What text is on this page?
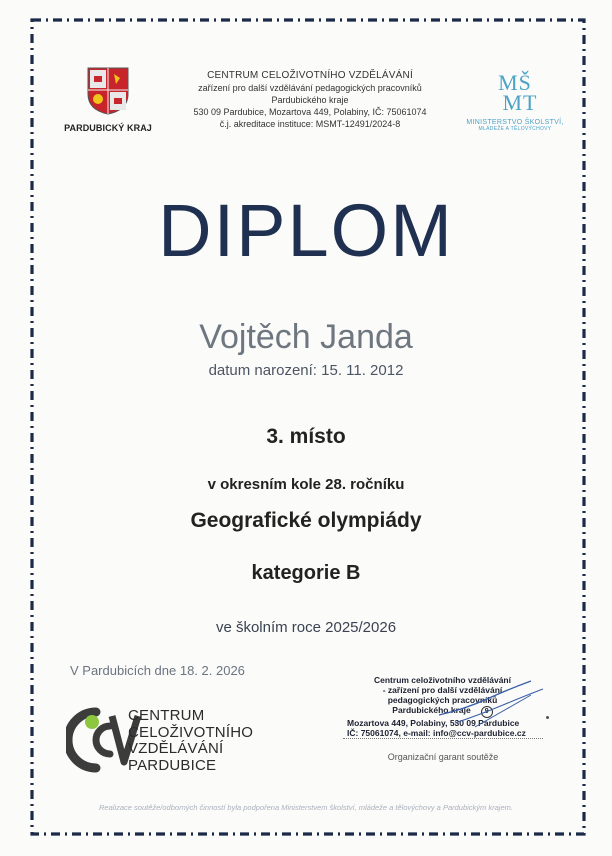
PARDUBICKÝ KRAJ
CENTRUM CELOŽIVOTNÍHO VZDĚLÁVÁNÍ
zařízení pro další vzdělávání pedagogických pracovníků
Pardubického kraje
530 09 Pardubice, Mozartova 449, Polabiny, IČ: 75061074
č.j. akreditace instituce: MSMT-12491/2024-8
MŠ
MT
MINISTERSTVO ŠKOLSTVÍ,
MLÁDEŽE A TĚLOVÝCHOVY
DIPLOM
Vojtěch Janda
datum narození: 15. 11. 2012
3. místo
v okresním kole 28. ročníku
Geografické olympiády
kategorie B
ve školním roce 2025/2026
V Pardubicích dne 18. 2. 2026
CENTRUM
CELOŽIVOTNÍHO
VZDĚLÁVÁNÍ
PARDUBICE
Centrum celoživotního vzdělávání
- zařízení pro další vzdělávání
pedagogických pracovníků
Pardubického kraje 9
Mozartova 449, Polabiny, 530 09 Pardubice
IČ: 75061074, e-mail: info@ccv-pardubice.cz
Organizační garant soutěže
Realizace soutěže/odborných činností byla podpořena Ministerstvem školství, mládeže a tělovýchovy a Pardubickým krajem.
